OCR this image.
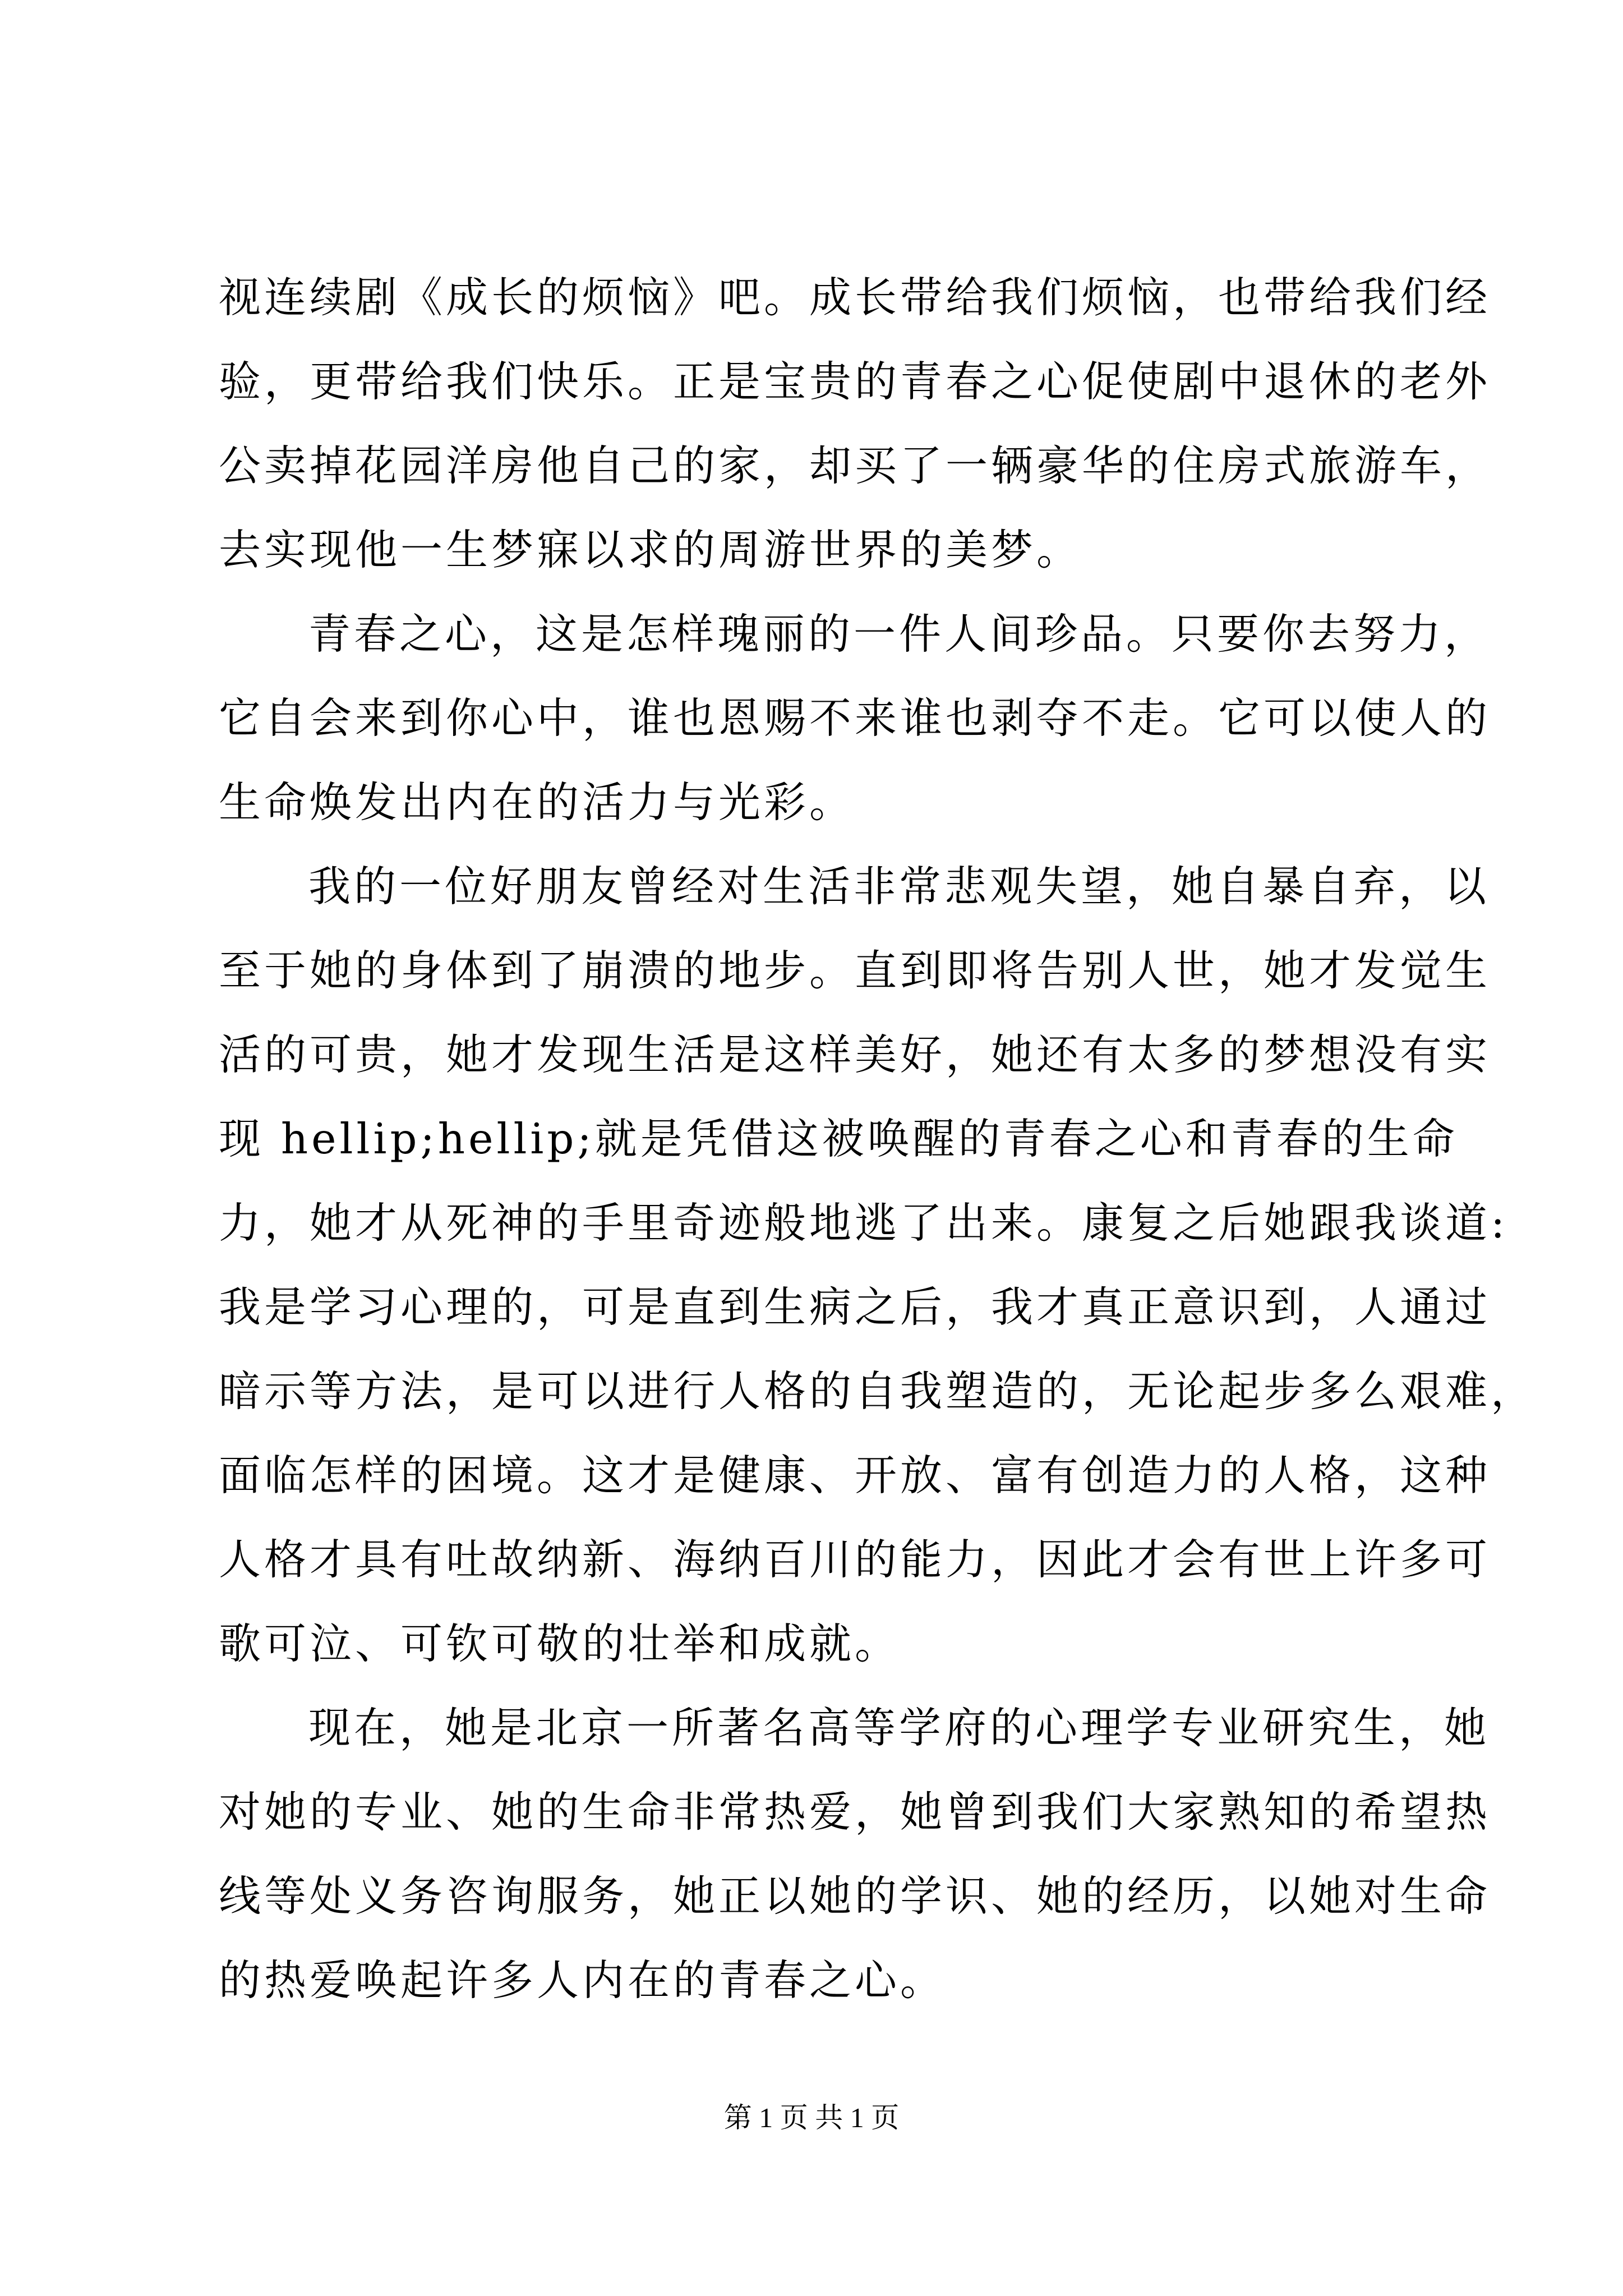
视连续剧《成长的烦恼》吧。成长带给我们烦恼，也带给我们经
验，更带给我们快乐。正是宝贵的青春之心促使剧中退休的老外
公卖掉花园洋房他自己的家，却买了一辆豪华的住房式旅游车，
去实现他一生梦寐以求的周游世界的美梦。
青春之心，这是怎样瑰丽的一件人间珍品。只要你去努力，
它自会来到你心中，谁也恩赐不来谁也剥夺不走。它可以使人的
生命焕发出内在的活力与光彩。
我的一位好朋友曾经对生活非常悲观失望，她自暴自弃，以
至于她的身体到了崩溃的地步。直到即将告别人世，她才发觉生
活的可贵，她才发现生活是这样美好，她还有太多的梦想没有实
现 hellip;hellip;就是凭借这被唤醒的青春之心和青春的生命
力，她才从死神的手里奇迹般地逃了出来。康复之后她跟我谈道:
我是学习心理的，可是直到生病之后，我才真正意识到，人通过
暗示等方法，是可以进行人格的自我塑造的，无论起步多么艰难，
面临怎样的困境。这才是健康、开放、富有创造力的人格，这种
人格才具有吐故纳新、海纳百川的能力，因此才会有世上许多可
歌可泣、可钦可敬的壮举和成就。
现在，她是北京一所著名高等学府的心理学专业研究生，她
对她的专业、她的生命非常热爱，她曾到我们大家熟知的希望热
线等处义务咨询服务，她正以她的学识、她的经历，以她对生命
的热爱唤起许多人内在的青春之心。
第 1 页 共 1 页
